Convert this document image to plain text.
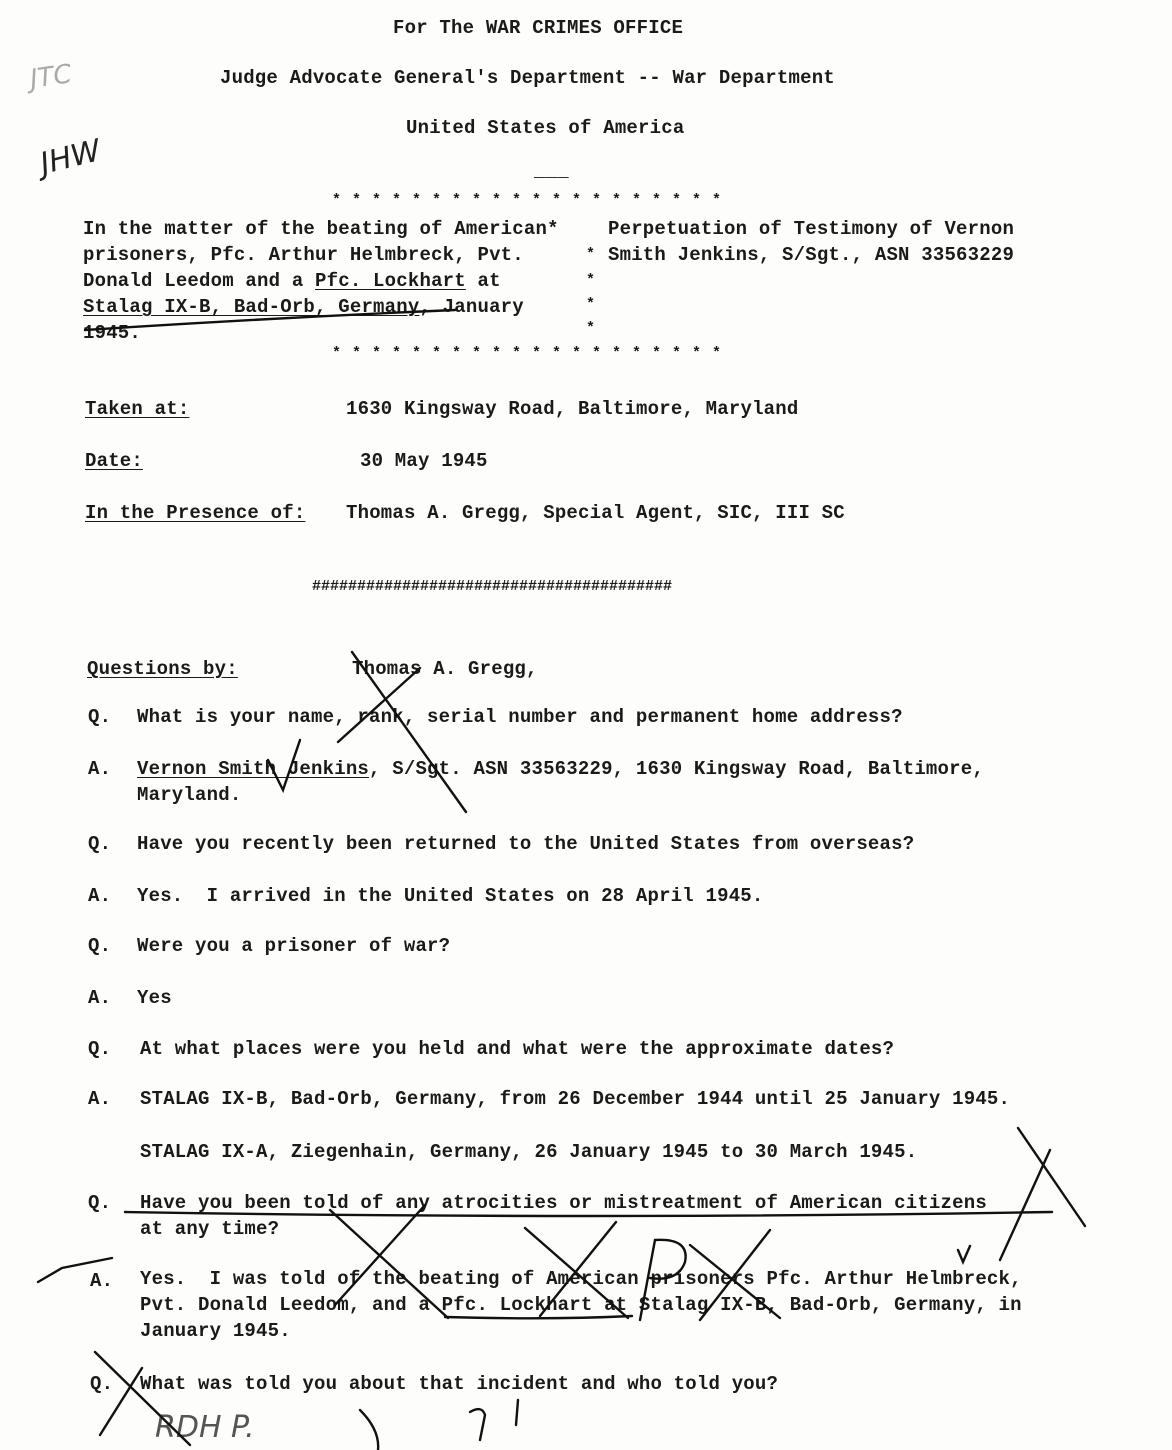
For The WAR CRIMES OFFICE
Judge Advocate General's Department -- War Department
United States of America
___
JTC
JHW
RDH P.
* * * * * * * * * * * * * * * * * * * *
In the matter of the beating of American*
prisoners, Pfc. Arthur Helmbreck, Pvt.
Donald Leedom and a Pfc. Lockhart at
Stalag IX-B, Bad-Orb, Germany, January
1945.
*
*
*
*
Perpetuation of Testimony of Vernon
Smith Jenkins, S/Sgt., ASN 33563229
* * * * * * * * * * * * * * * * * * * *
Taken at:	1630 Kingsway Road, Baltimore, Maryland
Date:	30 May 1945
In the Presence of: Thomas A. Gregg, Special Agent, SIC, III SC
########################################
Questions by:	Thomas A. Gregg,
Q. What is your name, rank, serial number and permanent home address?
A. Vernon Smith Jenkins, S/Sgt. ASN 33563229, 1630 Kingsway Road, Baltimore,
Maryland.
Q. Have you recently been returned to the United States from overseas?
A. Yes.  I arrived in the United States on 28 April 1945.
Q. Were you a prisoner of war?
A. Yes
Q. At what places were you held and what were the approximate dates?
A. STALAG IX-B, Bad-Orb, Germany, from 26 December 1944 until 25 January 1945.
STALAG IX-A, Ziegenhain, Germany, 26 January 1945 to 30 March 1945.
Q. Have you been told of any atrocities or mistreatment of American citizens
at any time?
A. Yes.  I was told of the beating of American prisoners Pfc. Arthur Helmbreck,
Pvt. Donald Leedom, and a Pfc. Lockhart at Stalag IX-B, Bad-Orb, Germany, in
January 1945.
Q. What was told you about that incident and who told you?
